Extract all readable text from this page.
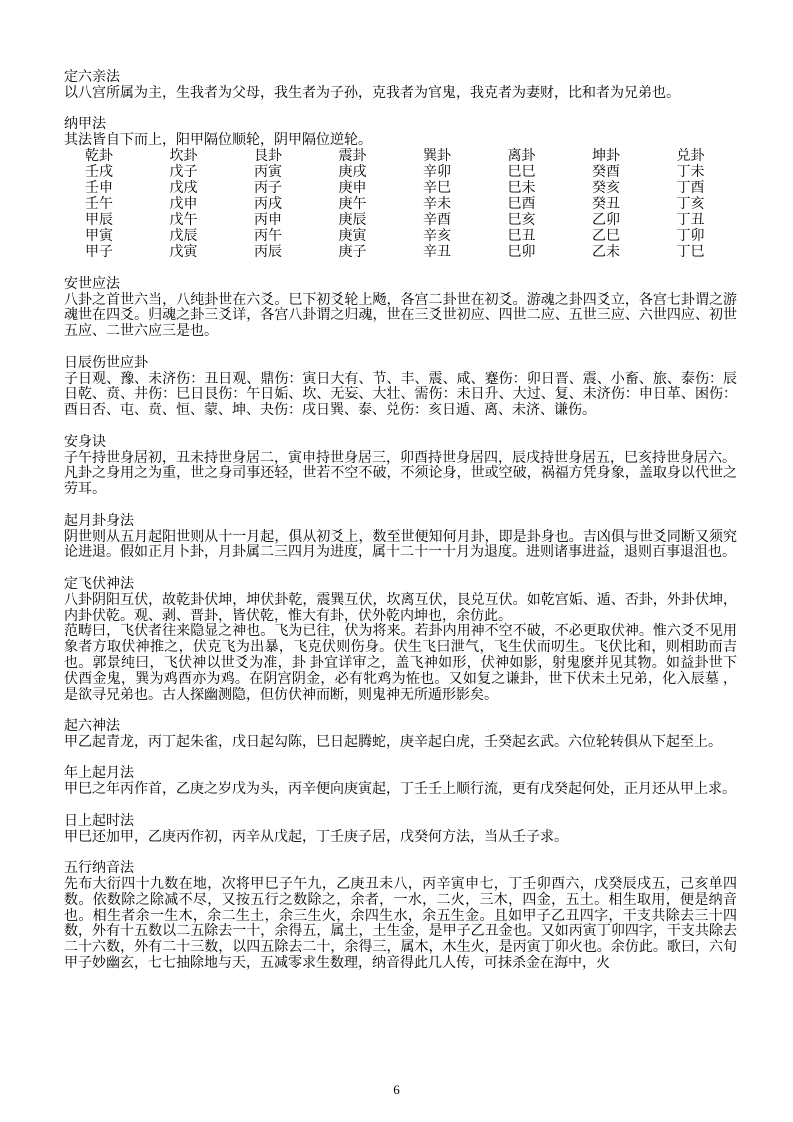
定六亲法

以八宫所属为主，生我者为父母，我生者为子孙，克我者为官鬼，我克者为妻财，比和者为兄弟也。

纳甲法

其法皆自下而上，阳甲隔位顺轮，阴甲隔位逆轮。

乾卦	坎卦	艮卦	震卦	巽卦	离卦	坤卦	兑卦
壬戌	戊子	丙寅	庚戌	辛卯	巳巳	癸酉	丁未
壬申	戊戌	丙子	庚申	辛巳	巳未	癸亥	丁酉
壬午	戊申	丙戌	庚午	辛未	巳酉	癸丑	丁亥
甲辰	戊午	丙申	庚辰	辛酉	巳亥	乙卯	丁丑
甲寅	戊辰	丙午	庚寅	辛亥	巳丑	乙巳	丁卯
甲子	戊寅	丙辰	庚子	辛丑	巳卯	乙未	丁巳
安世应法

八卦之首世六当，八纯卦世在六爻。巳下初爻轮上飏，各宫二卦世在初爻。游魂之卦四爻立，各宫七卦谓之游魂世在四爻。归魂之卦三爻详，各宫八卦谓之归魂，世在三爻世初应、四世二应、五世三应、六世四应、初世五应、二世六应三是也。

日辰伤世应卦

子日观、豫、未济伤：丑日观、鼎伤：寅日大有、节、丰、震、咸、蹇伤：卯日晋、震、小畜、旅、泰伤：辰日乾、贲、井伤：巳日艮伤：午日姤、坎、无妄、大壮、需伤：未日升、大过、复、未济伤：申日革、困伤：酉日否、屯、贲、恒、蒙、坤、夬伤：戌日巽、泰、兑伤：亥日遁、离、未济、谦伤。

安身诀

子午持世身居初，丑未持世身居二，寅申持世身居三，卯酉持世身居四，辰戌持世身居五，巳亥持世身居六。

凡卦之身用之为重，世之身司事还轻，世若不空不破，不须论身，世或空破，祸福方凭身象，盖取身以代世之劳耳。

起月卦身法

阴世则从五月起阳世则从十一月起，俱从初爻上，数至世便知何月卦，即是卦身也。吉凶俱与世爻同断又须究论进退。假如正月卜卦，月卦属二三四月为进度，属十二十一十月为退度。进则诸事进益，退则百事退沮也。

定飞伏神法

八卦阴阳互伏，故乾卦伏坤，坤伏卦乾，震巽互伏，坎离互伏，艮兑互伏。如乾宫姤、遁、否卦，外卦伏坤，内卦伏乾。观、剥、晋卦，皆伏乾，惟大有卦，伏外乾内坤也，余仿此。

范畴曰，飞伏者往来隐显之神也。飞为已往，伏为将来。若卦内用神不空不破，不必更取伏神。惟六爻不见用象者方取伏神推之，伏克飞为出暴，飞克伏则伤身。伏生飞曰泄气，飞生伏而叨生。飞伏比和，则相助而吉也。郭景纯曰，飞伏神以世爻为准，卦 卦宜详审之，盖飞神如形，伏神如影，射鬼麽并见其物。如益卦世下伏酉金鬼，巽为鸡酉亦为鸡。在阴宫阴金，必有牝鸡为恠也。又如复之谦卦，世下伏未土兄弟，化入辰墓 ，是欲寻兄弟也。古人探幽测隐，但仿伏神而断，则鬼神无所遁形影矣。

起六神法

甲乙起青龙，丙丁起朱雀，戊日起勾陈，巳日起腾蛇，庚辛起白虎，壬癸起玄武。六位轮转俱从下起至上。

年上起月法

甲巳之年丙作首，乙庚之岁戊为头，丙辛便向庚寅起，丁壬壬上顺行流，更有戊癸起何处，正月还从甲上求。

日上起时法

甲巳还加甲，乙庚丙作初，丙辛从戊起，丁壬庚子居，戊癸何方法，当从壬子求。

五行纳音法

先布大衍四十九数在地，次将甲巳子午九，乙庚丑未八，丙辛寅申七，丁壬卯酉六，戊癸辰戌五，己亥单四数。依数除之除减不尽，又按五行之数除之，余者，一水，二火，三木，四金，五土。相生取用，便是纳音也。相生者余一生木，余二生土，余三生火，余四生水，余五生金。且如甲子乙丑四字，干支共除去三十四数，外有十五数以二五除去一十，余得五，属土，土生金，是甲子乙丑金也。又如丙寅丁卯四字，干支共除去二十六数，外有二十三数，以四五除去二十，余得三，属木，木生火，是丙寅丁卯火也。余仿此。歌曰，六旬甲子妙幽玄，七七抽除地与天，五减零求生数理，纳音得此几人传，可抹杀金在海中，火

6
